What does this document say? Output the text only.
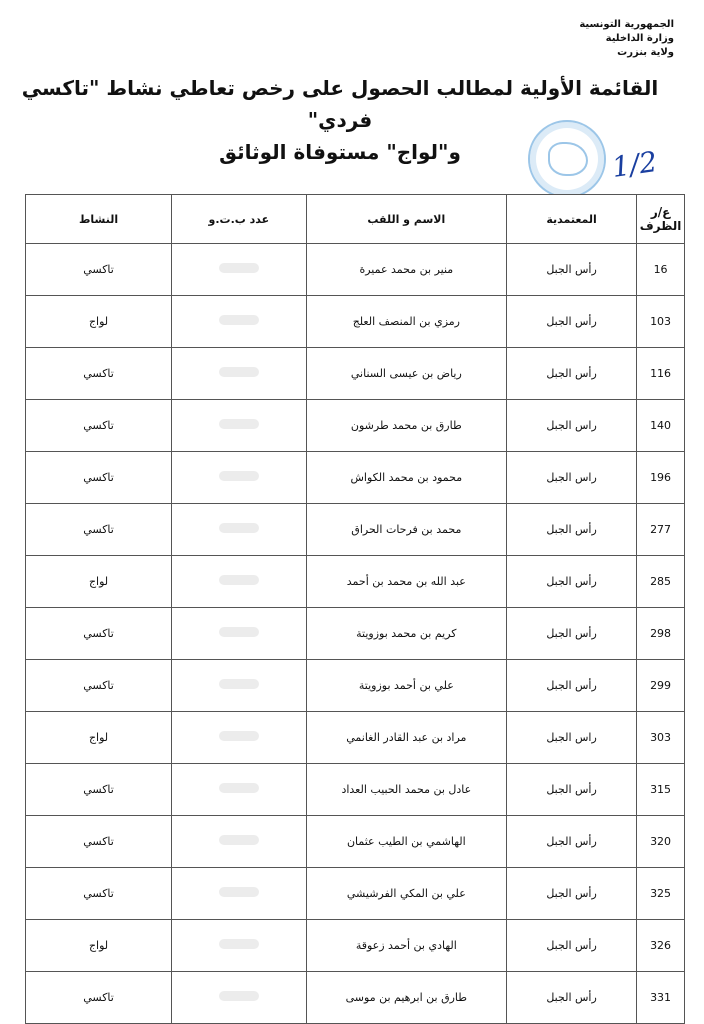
الجمهورية التونسية
وزارة الداخلية
ولاية بنزرت
القائمة الأولية لمطالب الحصول على رخص تعاطي نشاط "تاكسي فردي"
و"لواج" مستوفاة الوثائق	1/2
ع/ر الظرف	المعتمدية	الاسم و اللقب	عدد ب.ت.و	النشاط
16	رأس الجبل	منير بن محمد عميرة		تاكسي
103	رأس الجبل	رمزي بن المنصف العلج		لواج
116	رأس الجبل	رياض بن عيسى السناني		تاكسي
140	راس الجبل	طارق بن محمد طرشون		تاكسي
196	راس الجبل	محمود بن محمد الكواش		تاكسي
277	رأس الجبل	محمد بن فرحات الحراق		تاكسي
285	رأس الجبل	عبد الله بن محمد بن أحمد		لواج
298	رأس الجبل	كريم بن محمد بوزويتة		تاكسي
299	رأس الجبل	علي بن أحمد بوزويتة		تاكسي
303	راس الجبل	مراد بن عبد القادر الغانمي		لواج
315	رأس الجبل	عادل بن محمد الحبيب العداد		تاكسي
320	رأس الجبل	الهاشمي بن الطيب عثمان		تاكسي
325	رأس الجبل	علي بن المكي الفرشيشي		تاكسي
326	رأس الجبل	الهادي بن أحمد زعوقة		لواج
331	رأس الجبل	طارق بن ابرهيم بن موسى		تاكسي
